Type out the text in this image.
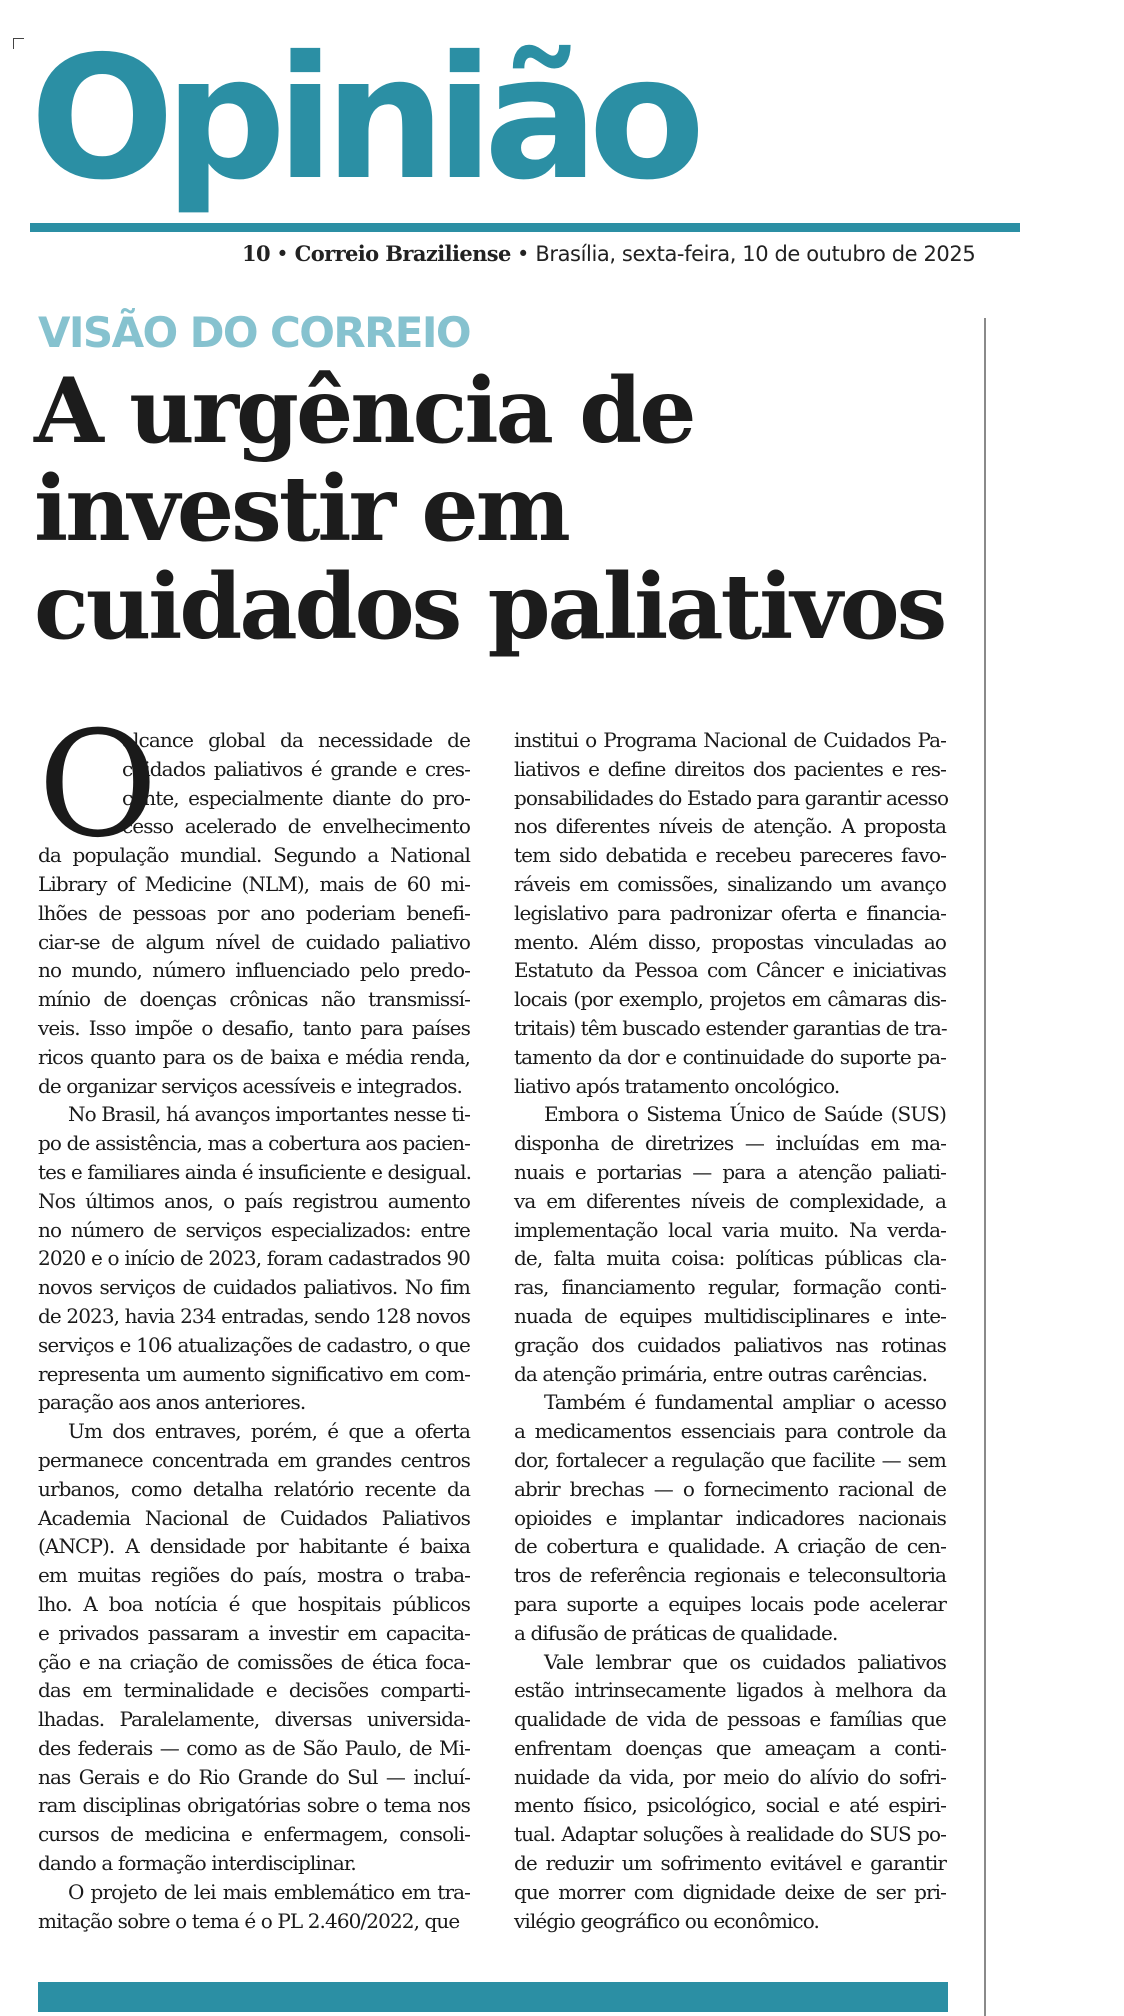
Opinião
10 • Correio Braziliense • Brasília, sexta-feira, 10 de outubro de 2025
VISÃO DO CORREIO
A urgência de
investir em
cuidados paliativos
O
alcance global da necessidade de
cuidados paliativos é grande e cres-
cente, especialmente diante do pro-
cesso acelerado de envelhecimento
da população mundial. Segundo a National
Library of Medicine (NLM), mais de 60 mi-
lhões de pessoas por ano poderiam benefi-
ciar-se de algum nível de cuidado paliativo
no mundo, número influenciado pelo predo-
mínio de doenças crônicas não transmissí-
veis. Isso impõe o desafio, tanto para países
ricos quanto para os de baixa e média renda,
de organizar serviços acessíveis e integrados.
No Brasil, há avanços importantes nesse ti-
po de assistência, mas a cobertura aos pacien-
tes e familiares ainda é insuficiente e desigual.
Nos últimos anos, o país registrou aumento
no número de serviços especializados: entre
2020 e o início de 2023, foram cadastrados 90
novos serviços de cuidados paliativos. No fim
de 2023, havia 234 entradas, sendo 128 novos
serviços e 106 atualizações de cadastro, o que
representa um aumento significativo em com-
paração aos anos anteriores.
Um dos entraves, porém, é que a oferta
permanece concentrada em grandes centros
urbanos, como detalha relatório recente da
Academia Nacional de Cuidados Paliativos
(ANCP). A densidade por habitante é baixa
em muitas regiões do país, mostra o traba-
lho. A boa notícia é que hospitais públicos
e privados passaram a investir em capacita-
ção e na criação de comissões de ética foca-
das em terminalidade e decisões comparti-
lhadas. Paralelamente, diversas universida-
des federais — como as de São Paulo, de Mi-
nas Gerais e do Rio Grande do Sul — incluí-
ram disciplinas obrigatórias sobre o tema nos
cursos de medicina e enfermagem, consoli-
dando a formação interdisciplinar.
O projeto de lei mais emblemático em tra-
mitação sobre o tema é o PL 2.460/2022, que
institui o Programa Nacional de Cuidados Pa-
liativos e define direitos dos pacientes e res-
ponsabilidades do Estado para garantir acesso
nos diferentes níveis de atenção. A proposta
tem sido debatida e recebeu pareceres favo-
ráveis em comissões, sinalizando um avanço
legislativo para padronizar oferta e financia-
mento. Além disso, propostas vinculadas ao
Estatuto da Pessoa com Câncer e iniciativas
locais (por exemplo, projetos em câmaras dis-
tritais) têm buscado estender garantias de tra-
tamento da dor e continuidade do suporte pa-
liativo após tratamento oncológico.
Embora o Sistema Único de Saúde (SUS)
disponha de diretrizes — incluídas em ma-
nuais e portarias — para a atenção paliati-
va em diferentes níveis de complexidade, a
implementação local varia muito. Na verda-
de, falta muita coisa: políticas públicas cla-
ras, financiamento regular, formação conti-
nuada de equipes multidisciplinares e inte-
gração dos cuidados paliativos nas rotinas
da atenção primária, entre outras carências.
Também é fundamental ampliar o acesso
a medicamentos essenciais para controle da
dor, fortalecer a regulação que facilite — sem
abrir brechas — o fornecimento racional de
opioides e implantar indicadores nacionais
de cobertura e qualidade. A criação de cen-
tros de referência regionais e teleconsultoria
para suporte a equipes locais pode acelerar
a difusão de práticas de qualidade.
Vale lembrar que os cuidados paliativos
estão intrinsecamente ligados à melhora da
qualidade de vida de pessoas e famílias que
enfrentam doenças que ameaçam a conti-
nuidade da vida, por meio do alívio do sofri-
mento físico, psicológico, social e até espiri-
tual. Adaptar soluções à realidade do SUS po-
de reduzir um sofrimento evitável e garantir
que morrer com dignidade deixe de ser pri-
vilégio geográfico ou econômico.
